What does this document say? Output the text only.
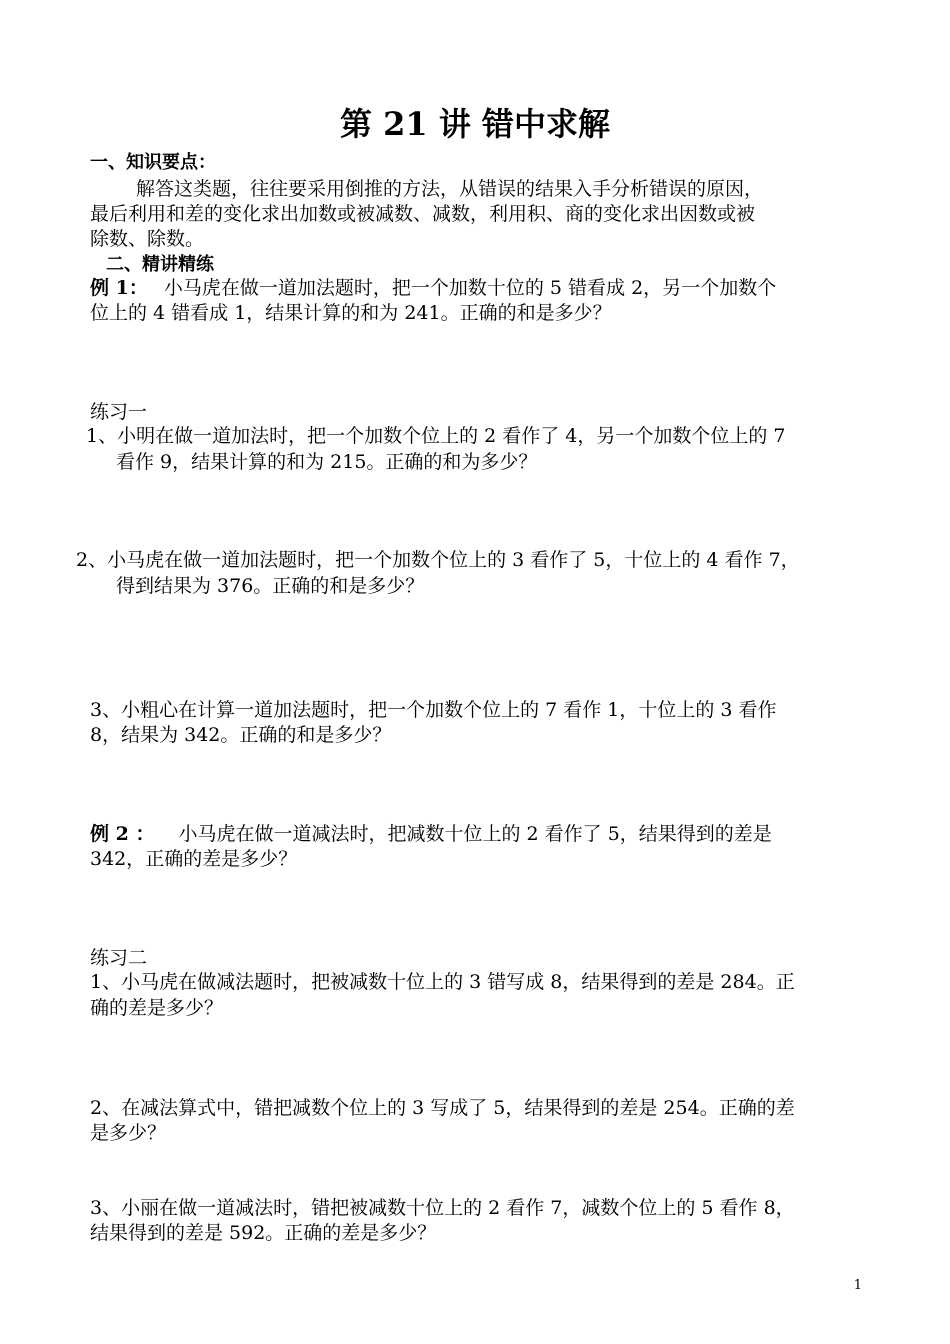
第 21 讲 错中求解
一、知识要点：
解答这类题，往往要采用倒推的方法，从错误的结果入手分析错误的原因，
最后利用和差的变化求出加数或被减数、减数，利用积、商的变化求出因数或被
除数、除数。
二、精讲精练
例 1： 小马虎在做一道加法题时，把一个加数十位的 5 错看成 2，另一个加数个
位上的 4 错看成 1，结果计算的和为 241。正确的和是多少？
练习一
1、小明在做一道加法时，把一个加数个位上的 2 看作了 4，另一个加数个位上的 7
看作 9，结果计算的和为 215。正确的和为多少？
2、小马虎在做一道加法题时，把一个加数个位上的 3 看作了 5，十位上的 4 看作 7，
得到结果为 376。正确的和是多少？
3、小粗心在计算一道加法题时，把一个加数个位上的 7 看作 1，十位上的 3 看作
8，结果为 342。正确的和是多少？
例 2 ： 小马虎在做一道减法时，把减数十位上的 2 看作了 5，结果得到的差是
342，正确的差是多少？
练习二
1、小马虎在做减法题时，把被减数十位上的 3 错写成 8，结果得到的差是 284。正
确的差是多少？
2、在减法算式中，错把减数个位上的 3 写成了 5，结果得到的差是 254。正确的差
是多少？
3、小丽在做一道减法时，错把被减数十位上的 2 看作 7，减数个位上的 5 看作 8，
结果得到的差是 592。正确的差是多少？
1
